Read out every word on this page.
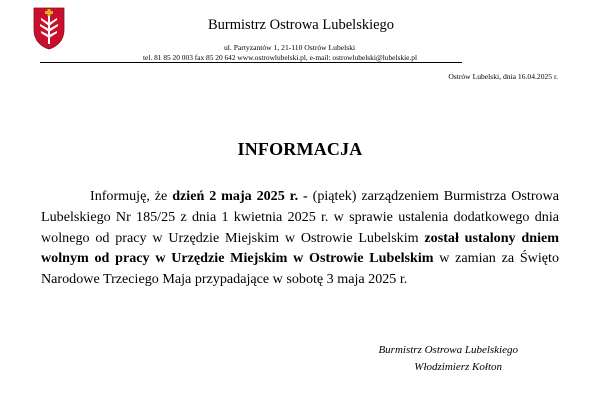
Burmistrz Ostrowa Lubelskiego
ul. Partyzantów 1, 21-110 Ostrów Lubelski
tel. 81 85 20 003 fax 85 20 642 www.ostrowlubelski.pl, e-mail: ostrowlubelski@lubelskie.pl
Ostrów Lubelski, dnia 16.04.2025 r.
INFORMACJA

Informuję, że dzień 2 maja 2025 r. - (piątek) zarządzeniem Burmistrza Ostrowa Lubelskiego Nr 185/25 z dnia 1 kwietnia 2025 r. w sprawie ustalenia dodatkowego dnia wolnego od pracy w Urzędzie Miejskim w Ostrowie Lubelskim został ustalony dniem wolnym od pracy w Urzędzie Miejskim w Ostrowie Lubelskim w zamian za Święto Narodowe Trzeciego Maja przypadające w sobotę 3 maja 2025 r.

Burmistrz Ostrowa Lubelskiego
Włodzimierz Kołton
